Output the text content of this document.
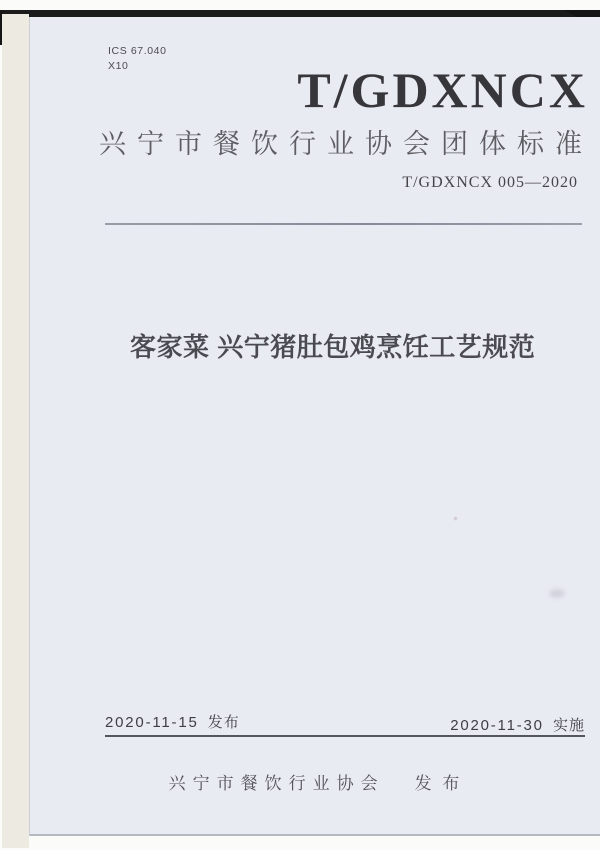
ICS 67.040
X10	T/GDXNCX
兴宁市餐饮行业协会团体标准
T/GDXNCX 005—2020
客家菜 兴宁猪肚包鸡烹饪工艺规范
2020-11-15 发布	2020-11-30 实施
兴宁市餐饮行业协会 发 布
